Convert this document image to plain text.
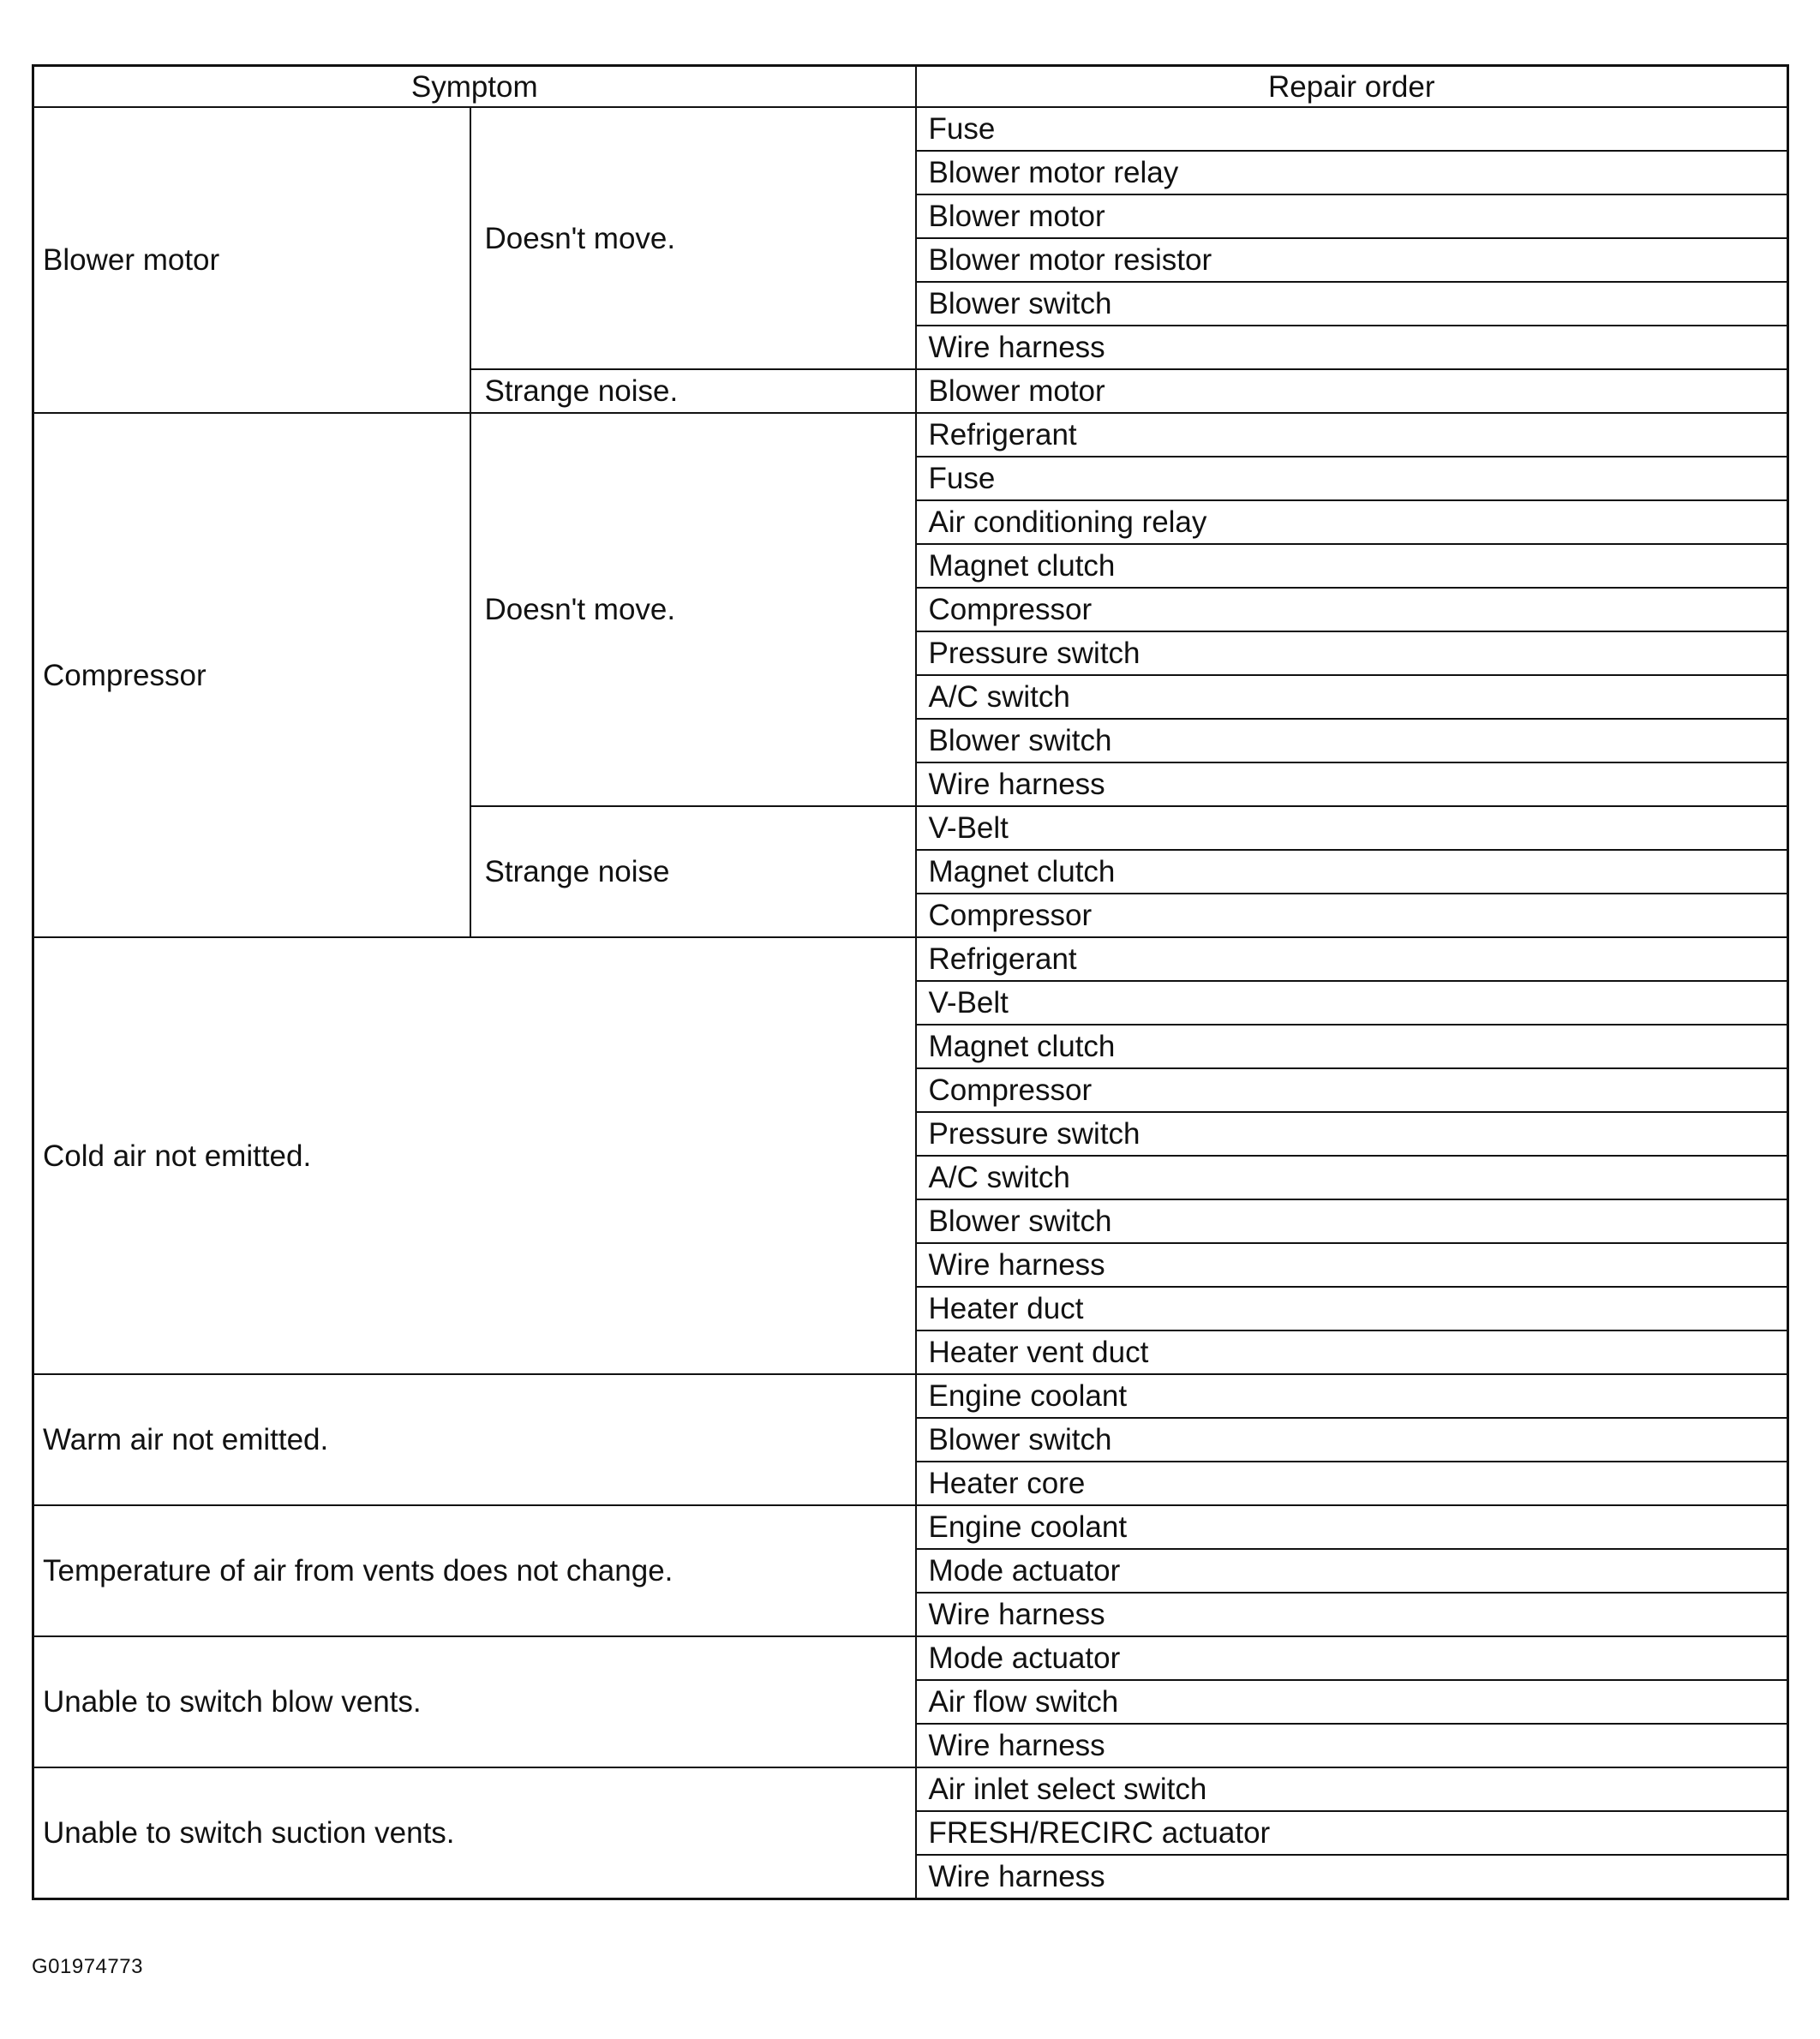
Symptom		Repair order
Blower motor	Doesn't move.	Fuse
		Blower motor relay
		Blower motor
		Blower motor resistor
		Blower switch
		Wire harness
	Strange noise.	Blower motor
Compressor	Doesn't move.	Refrigerant
		Fuse
		Air conditioning relay
		Magnet clutch
		Compressor
		Pressure switch
		A/C switch
		Blower switch
		Wire harness
	Strange noise	V-Belt
		Magnet clutch
		Compressor
Cold air not emitted.		Refrigerant
		V-Belt
		Magnet clutch
		Compressor
		Pressure switch
		A/C switch
		Blower switch
		Wire harness
		Heater duct
		Heater vent duct
Warm air not emitted.		Engine coolant
		Blower switch
		Heater core
Temperature of air from vents does not change.		Engine coolant
		Mode actuator
		Wire harness
Unable to switch blow vents.		Mode actuator
		Air flow switch
		Wire harness
Unable to switch suction vents.		Air inlet select switch
		FRESH/RECIRC actuator
		Wire harness
G01974773
